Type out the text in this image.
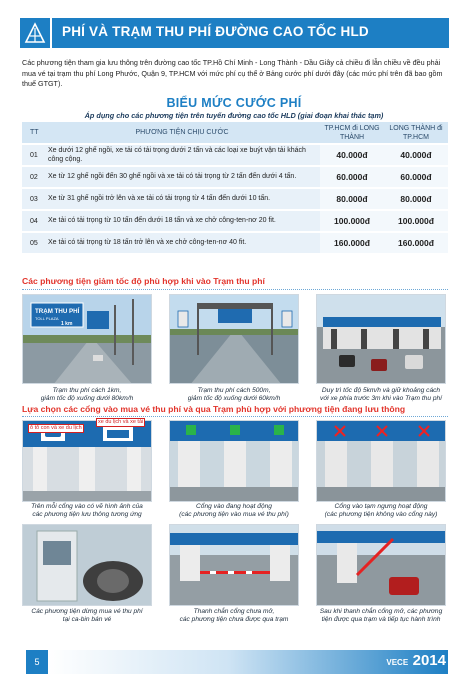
PHÍ VÀ TRẠM THU PHÍ ĐƯỜNG CAO TỐC HLD
Các phương tiện tham gia lưu thông trên đường cao tốc TP.Hồ Chí Minh - Long Thành - Dầu Giây cả chiều đi lẫn chiều về đều phải mua vé tại trạm thu phí Long Phước, Quận 9, TP.HCM với mức phí cụ thể ở Bảng cước phí dưới đây (các mức phí trên đã bao gồm thuế GTGT).
BIỂU MỨC CƯỚC PHÍ
Áp dụng cho các phương tiện trên tuyến đường cao tốc HLD (giai đoạn khai thác tạm)
TT	PHƯƠNG TIỆN CHỊU CƯỚC	TP.HCM đi LONG THÀNH	LONG THÀNH đi TP.HCM
01	Xe dưới 12 ghế ngồi, xe tải có tải trọng dưới 2 tấn và các loại xe buýt vận tải khách công cộng.	40.000đ	40.000đ
02	Xe từ 12 ghế ngồi đến 30 ghế ngồi và xe tải có tải trọng từ 2 tấn đến dưới 4 tấn.	60.000đ	60.000đ
03	Xe từ 31 ghế ngồi trở lên và xe tải có tải trọng từ 4 tấn đến dưới 10 tấn.	80.000đ	80.000đ
04	Xe tải có tải trọng từ 10 tấn đến dưới 18 tấn và xe chở công-ten-nơ 20 fit.	100.000đ	100.000đ
05	Xe tải có tải trọng từ 18 tấn trở lên và xe chở công-ten-nơ 40 fit.	160.000đ	160.000đ
Các phương tiện giảm tốc độ phù hợp khi vào Trạm thu phí
TRẠM THU PHÍ
TOLL PLAZA
1 km
Trạm thu phí cách 1km,
giảm tốc độ xuống dưới 80km/h
Trạm thu phí cách 500m,
giảm tốc độ xuống dưới 60km/h
Duy trì tốc độ 5km/h và giữ khoảng cách
với xe phía trước 3m khi vào Trạm thu phí
Lựa chọn các cổng vào mua vé thu phí và qua Trạm phù hợp với phương tiện đang lưu thông
ô tô con và xe du lịch
xe du lịch và xe tải
Trên mỗi cổng vào có vẽ hình ảnh của
các phương tiện lưu thông tương ứng
Cổng vào đang hoạt động
(các phương tiện vào mua vé thu phí)
Cổng vào tạm ngưng hoạt động
(các phương tiện không vào cổng này)
Các phương tiện dừng mua vé thu phí
tại ca-bin bán vé
Thanh chắn cổng chưa mở,
các phương tiện chưa được qua trạm
Sau khi thanh chắn cổng mở, các phương
tiện được qua trạm và tiếp tục hành trình
5	VECE 2014
